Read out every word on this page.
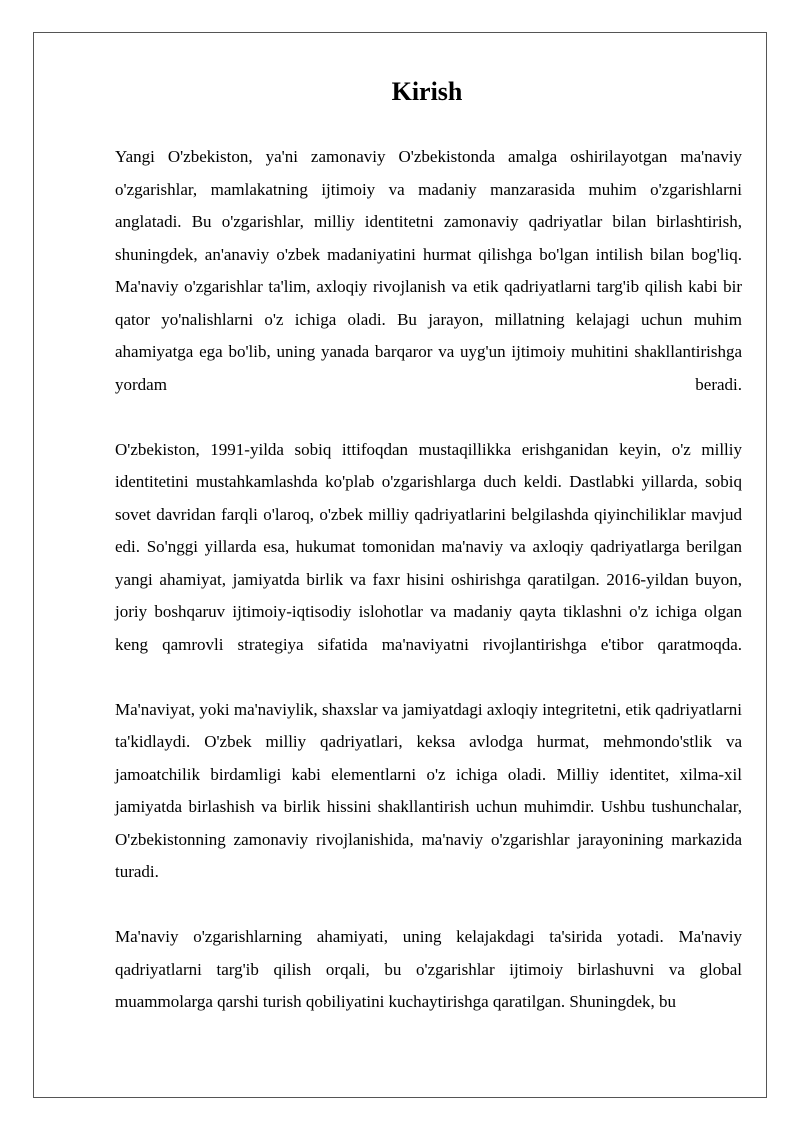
Kirish

Yangi O'zbekiston, ya'ni zamonaviy O'zbekistonda amalga oshirilayotgan ma'naviy o'zgarishlar, mamlakatning ijtimoiy va madaniy manzarasida muhim o'zgarishlarni anglatadi. Bu o'zgarishlar, milliy identitetni zamonaviy qadriyatlar bilan birlashtirish, shuningdek, an'anaviy o'zbek madaniyatini hurmat qilishga bo'lgan intilish bilan bog'liq. Ma'naviy o'zgarishlar ta'lim, axloqiy rivojlanish va etik qadriyatlarni targ'ib qilish kabi bir qator yo'nalishlarni o'z ichiga oladi. Bu jarayon, millatning kelajagi uchun muhim ahamiyatga ega bo'lib, uning yanada barqaror va uyg'un ijtimoiy muhitini shakllantirishga yordam beradi.

O'zbekiston, 1991-yilda sobiq ittifoqdan mustaqillikka erishganidan keyin, o'z milliy identitetini mustahkamlashda ko'plab o'zgarishlarga duch keldi. Dastlabki yillarda, sobiq sovet davridan farqli o'laroq, o'zbek milliy qadriyatlarini belgilashda qiyinchiliklar mavjud edi. So'nggi yillarda esa, hukumat tomonidan ma'naviy va axloqiy qadriyatlarga berilgan yangi ahamiyat, jamiyatda birlik va faxr hisini oshirishga qaratilgan. 2016-yildan buyon, joriy boshqaruv ijtimoiy-iqtisodiy islohotlar va madaniy qayta tiklashni o'z ichiga olgan keng qamrovli strategiya sifatida ma'naviyatni rivojlantirishga e'tibor qaratmoqda.

Ma'naviyat, yoki ma'naviylik, shaxslar va jamiyatdagi axloqiy integritetni, etik qadriyatlarni ta'kidlaydi. O'zbek milliy qadriyatlari, keksa avlodga hurmat, mehmondo'stlik va jamoatchilik birdamligi kabi elementlarni o'z ichiga oladi. Milliy identitet, xilma-xil jamiyatda birlashish va birlik hissini shakllantirish uchun muhimdir. Ushbu tushunchalar, O'zbekistonning zamonaviy rivojlanishida, ma'naviy o'zgarishlar jarayonining markazida turadi.

Ma'naviy o'zgarishlarning ahamiyati, uning kelajakdagi ta'sirida yotadi. Ma'naviy qadriyatlarni targ'ib qilish orqali, bu o'zgarishlar ijtimoiy birlashuvni va global muammolarga qarshi turish qobiliyatini kuchaytirishga qaratilgan. Shuningdek, bu
